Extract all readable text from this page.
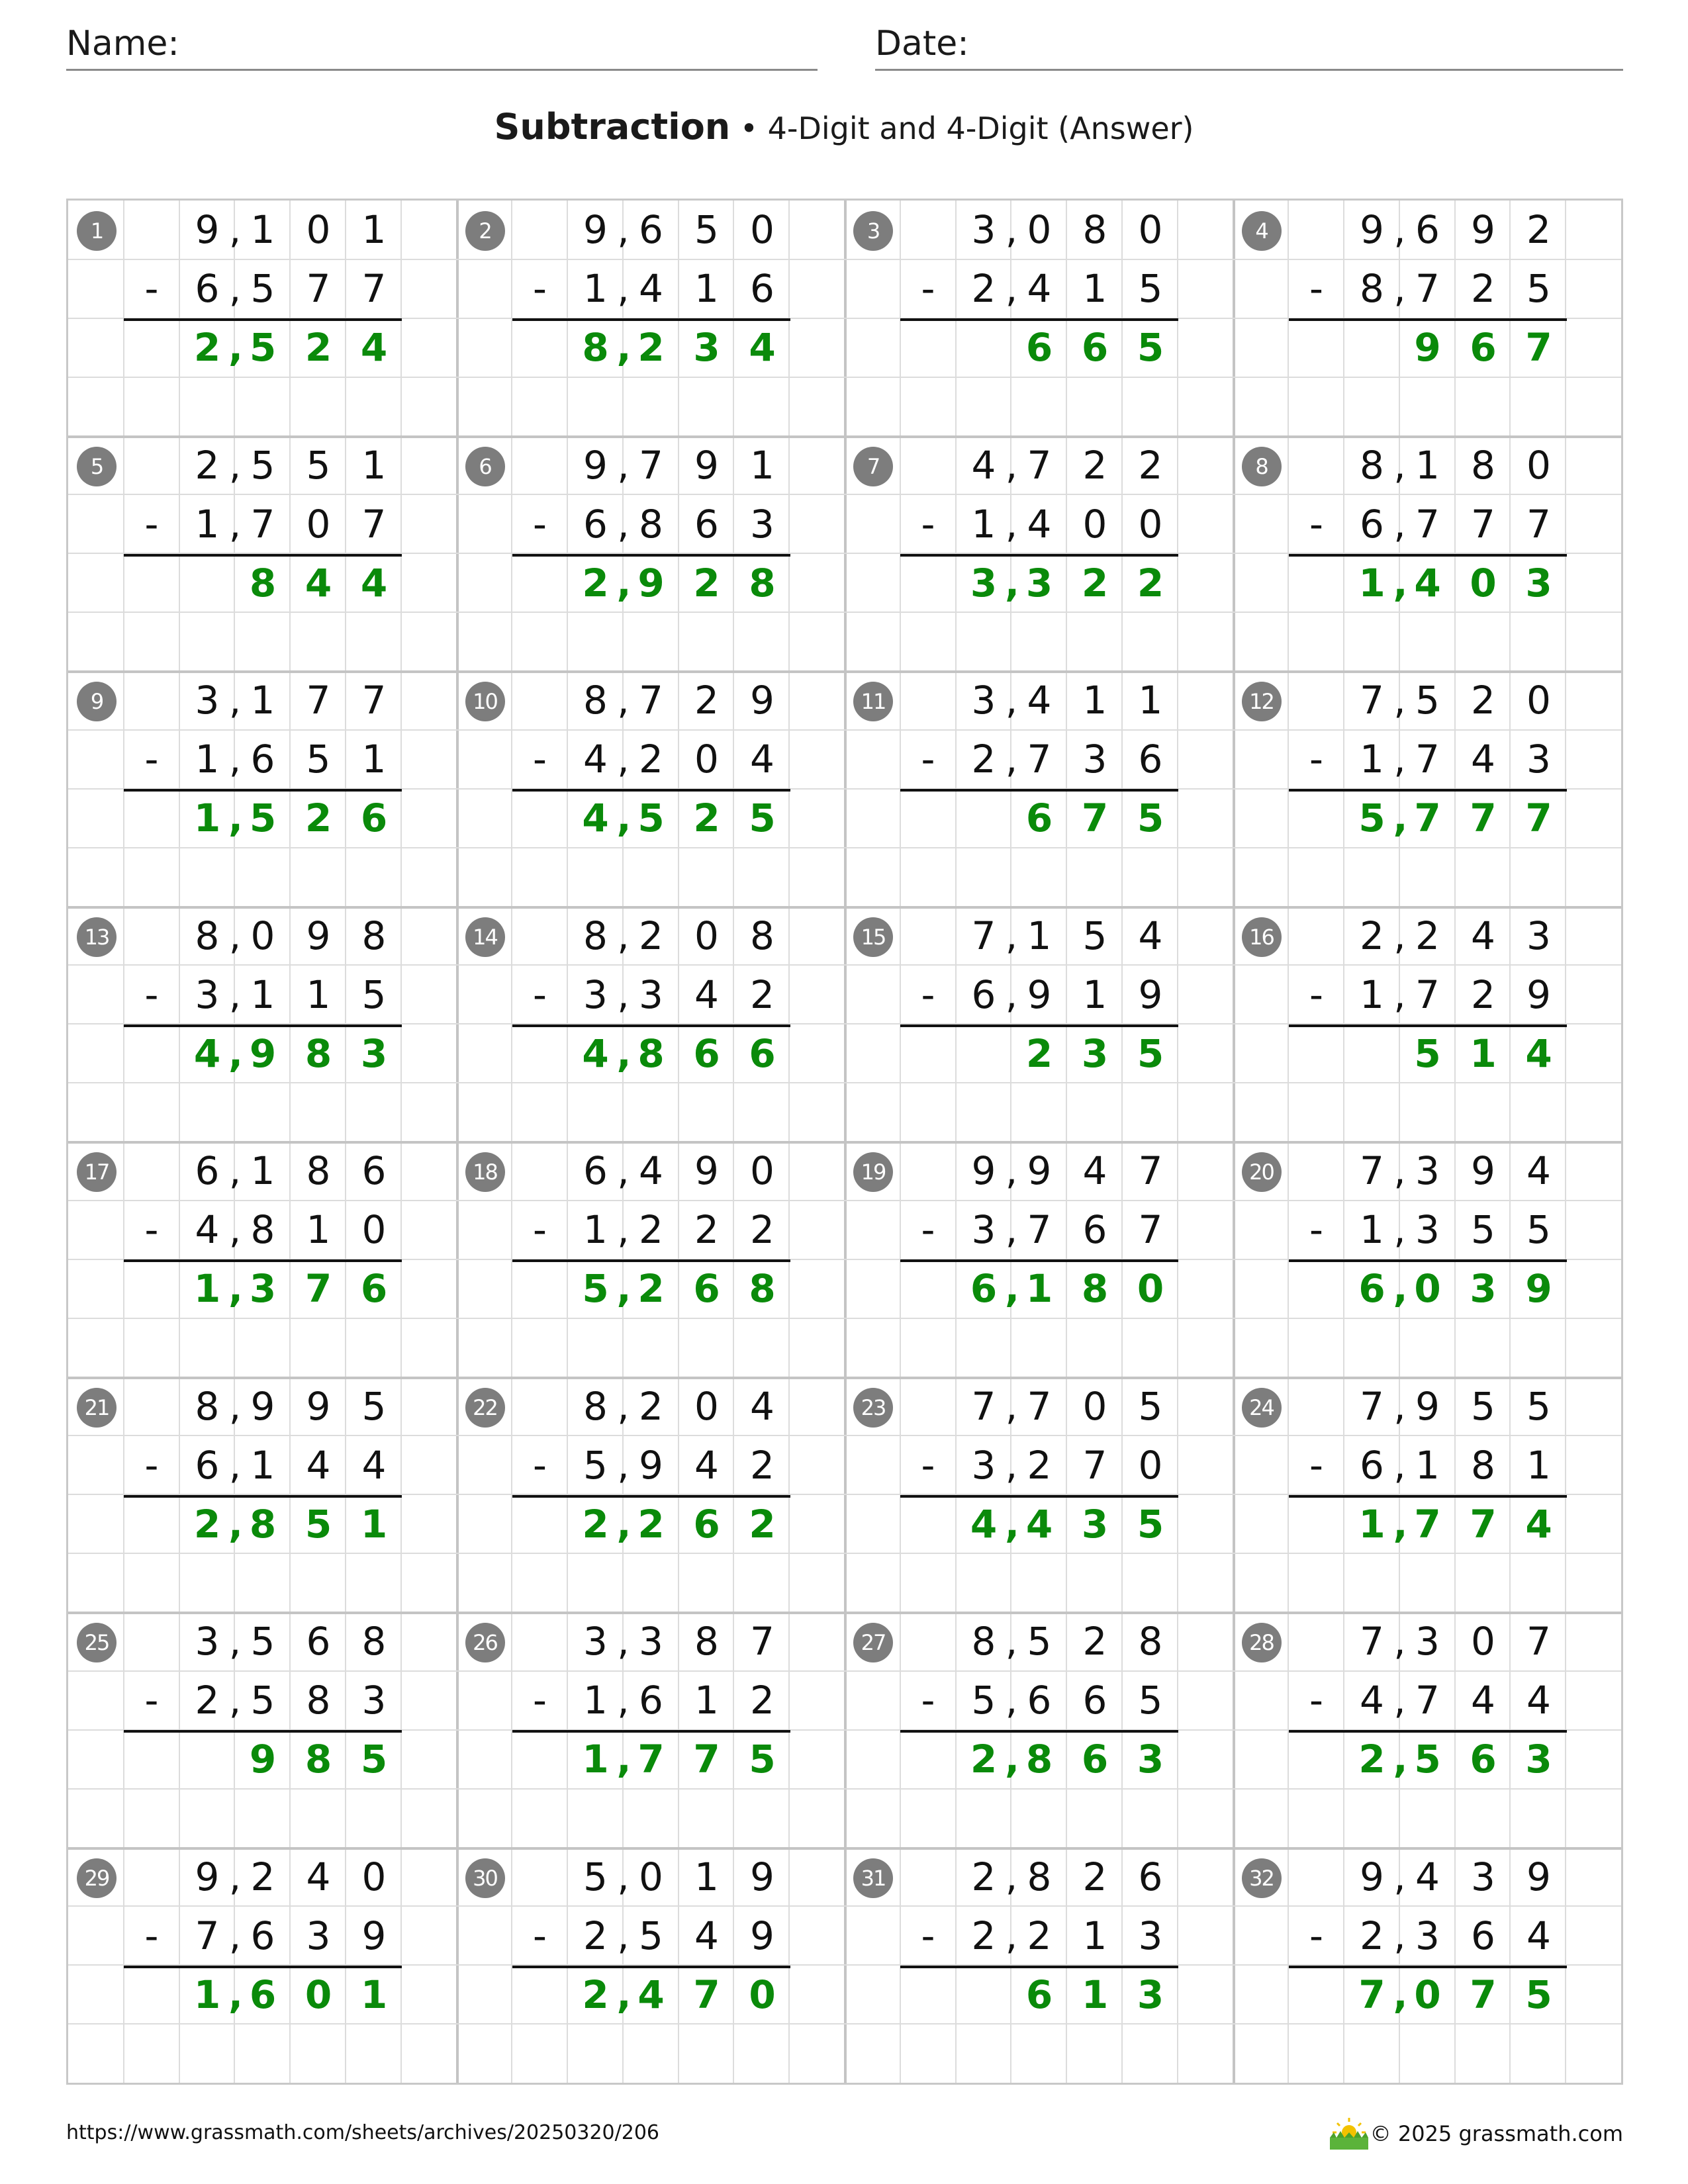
Name:	Date:
Subtraction • 4-Digit and 4-Digit (Answer)
1	9 1 0 1
,
- 6 5 7 7
,
2 5 2 4
,
2	9 6 5 0
,
- 1 4 1 6
,
8 2 3 4
,
3	3 0 8 0
,
- 2 4 1 5
,
6 6 5
4	9 6 9 2
,
- 8 7 2 5
,
9 6 7
5	2 5 5 1
,
- 1 7 0 7
,
8 4 4
6	9 7 9 1
,
- 6 8 6 3
,
2 9 2 8
,
7	4 7 2 2
,
- 1 4 0 0
,
3 3 2 2
,
8	8 1 8 0
,
- 6 7 7 7
,
1 4 0 3
,
9	3 1 7 7
,
- 1 6 5 1
,
1 5 2 6
,
10	8 7 2 9
,
- 4 2 0 4
,
4 5 2 5
,
11	3 4 1 1
,
- 2 7 3 6
,
6 7 5
12	7 5 2 0
,
- 1 7 4 3
,
5 7 7 7
,
13	8 0 9 8
,
- 3 1 1 5
,
4 9 8 3
,
14	8 2 0 8
,
- 3 3 4 2
,
4 8 6 6
,
15	7 1 5 4
,
- 6 9 1 9
,
2 3 5
16	2 2 4 3
,
- 1 7 2 9
,
5 1 4
17	6 1 8 6
,
- 4 8 1 0
,
1 3 7 6
,
18	6 4 9 0
,
- 1 2 2 2
,
5 2 6 8
,
19	9 9 4 7
,
- 3 7 6 7
,
6 1 8 0
,
20	7 3 9 4
,
- 1 3 5 5
,
6 0 3 9
,
21	8 9 9 5
,
- 6 1 4 4
,
2 8 5 1
,
22	8 2 0 4
,
- 5 9 4 2
,
2 2 6 2
,
23	7 7 0 5
,
- 3 2 7 0
,
4 4 3 5
,
24	7 9 5 5
,
- 6 1 8 1
,
1 7 7 4
,
25	3 5 6 8
,
- 2 5 8 3
,
9 8 5
26	3 3 8 7
,
- 1 6 1 2
,
1 7 7 5
,
27	8 5 2 8
,
- 5 6 6 5
,
2 8 6 3
,
28	7 3 0 7
,
- 4 7 4 4
,
2 5 6 3
,
29	9 2 4 0
,
- 7 6 3 9
,
1 6 0 1
,
30	5 0 1 9
,
- 2 5 4 9
,
2 4 7 0
,
31	2 8 2 6
,
- 2 2 1 3
,
6 1 3
32	9 4 3 9
,
- 2 3 6 4
,
7 0 7 5
,
https://www.grassmath.com/sheets/archives/20250320/206	© 2025 grassmath.com
